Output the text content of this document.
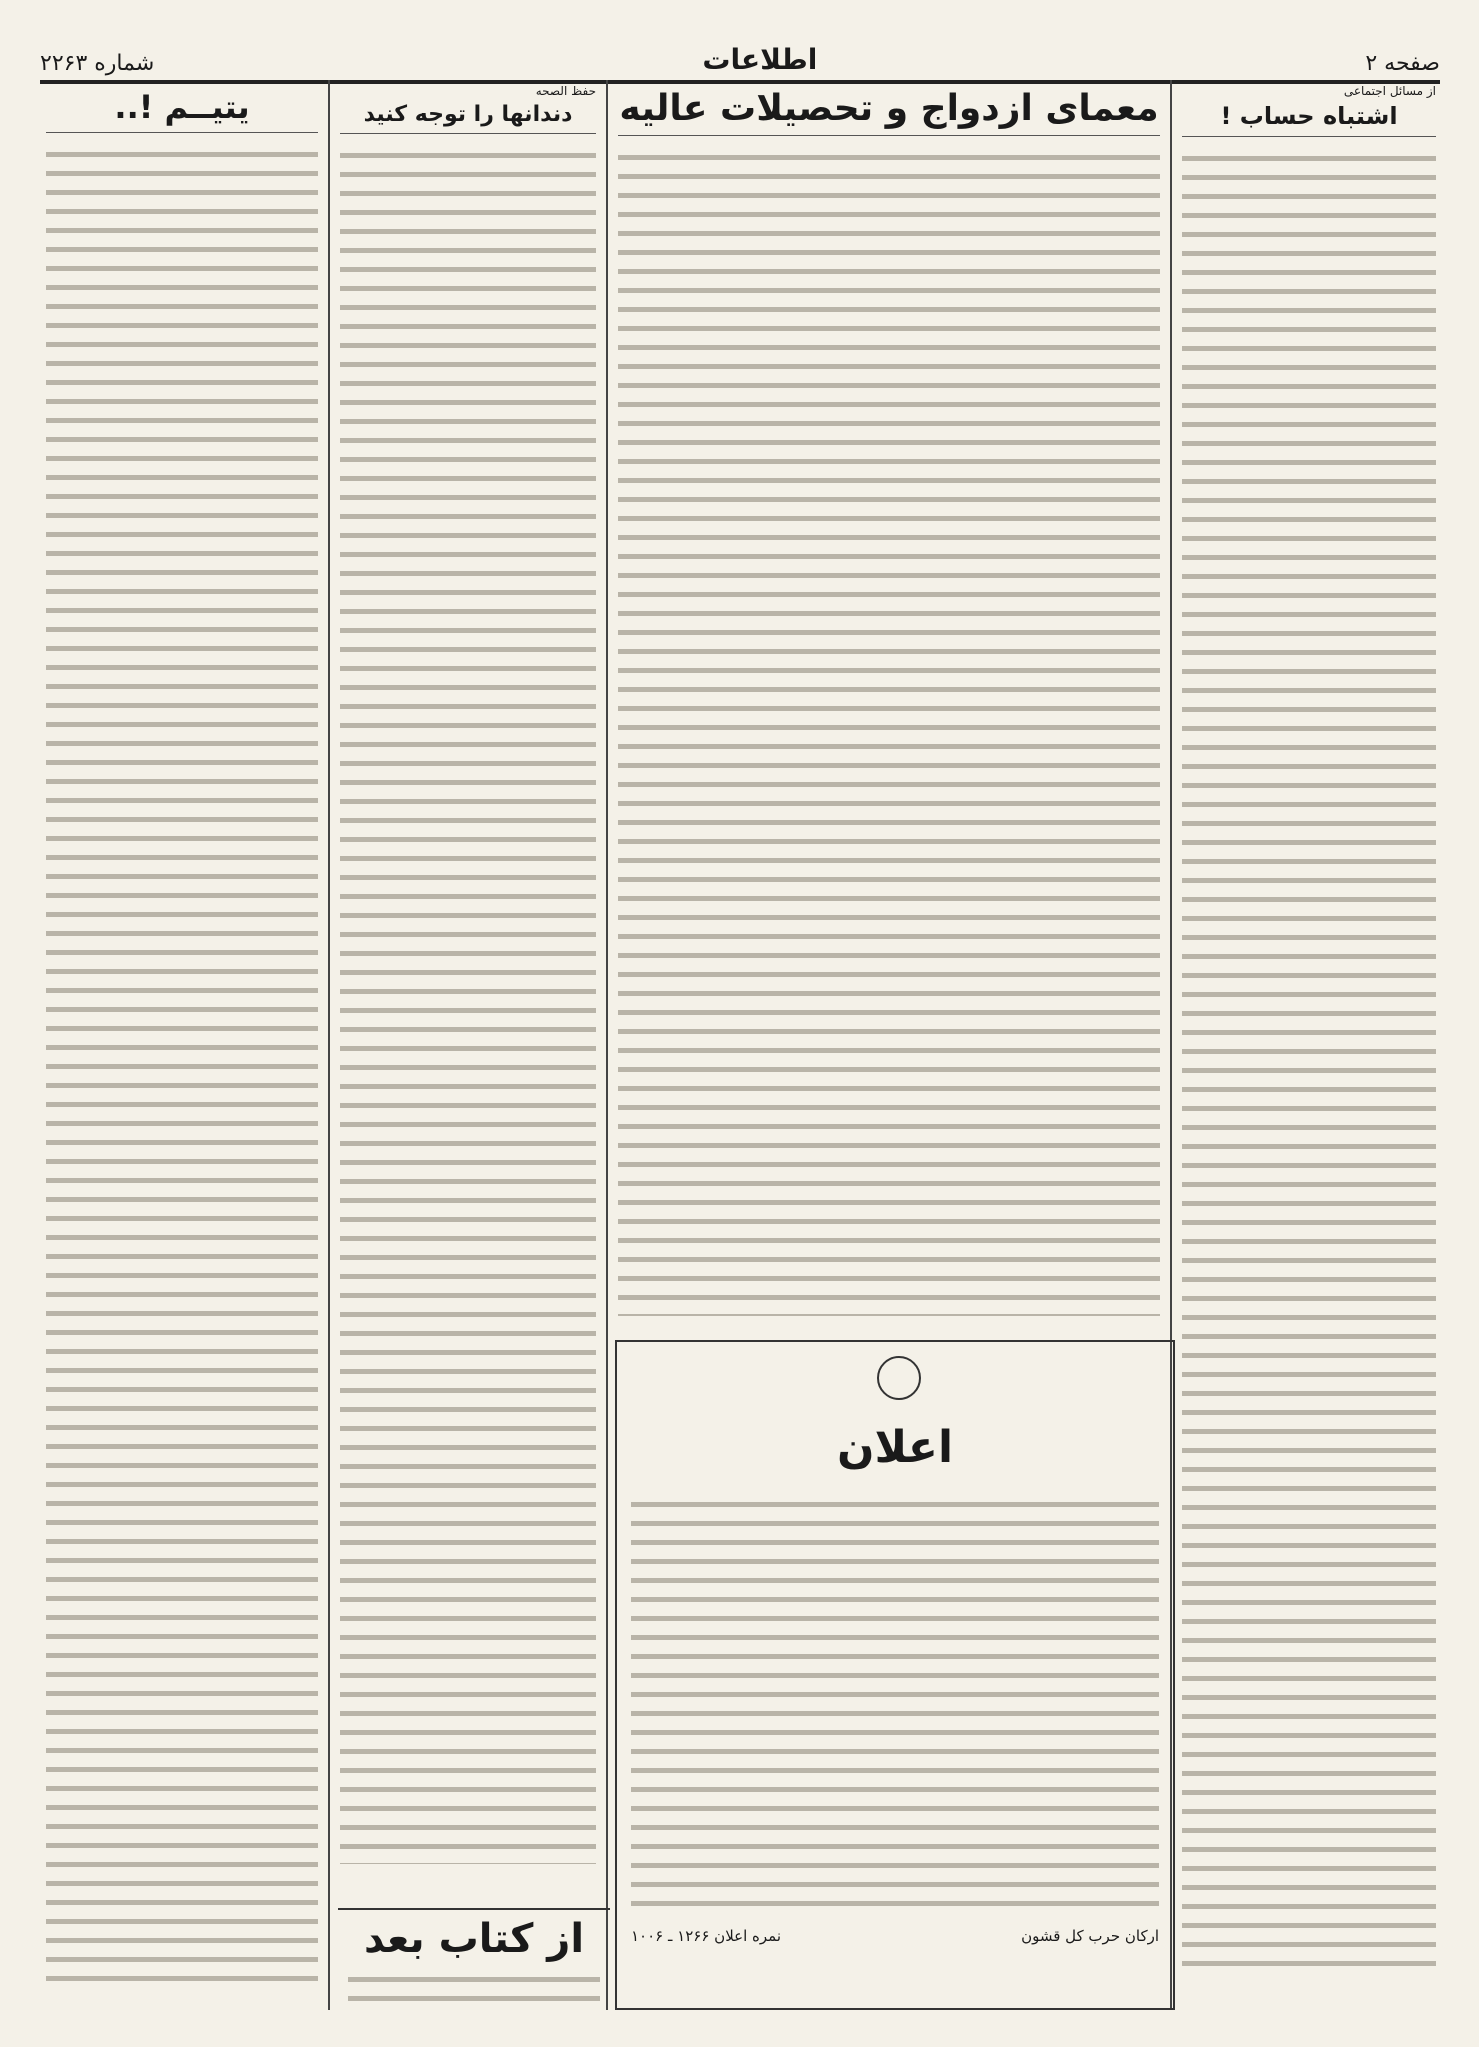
صفحه ۲
اطلاعات
شماره ۲۲۶۳
از مسائل اجتماعی
اشتباه حساب !
معمای ازدواج و تحصیلات عالیه
حفظ الصحه
دندانها را توجه کنید
یتیــم !..
اعلان
ارکان حرب کل قشون
نمره اعلان ۱۲۶۶ ـ ۱۰۰۶
از کتاب بعد
